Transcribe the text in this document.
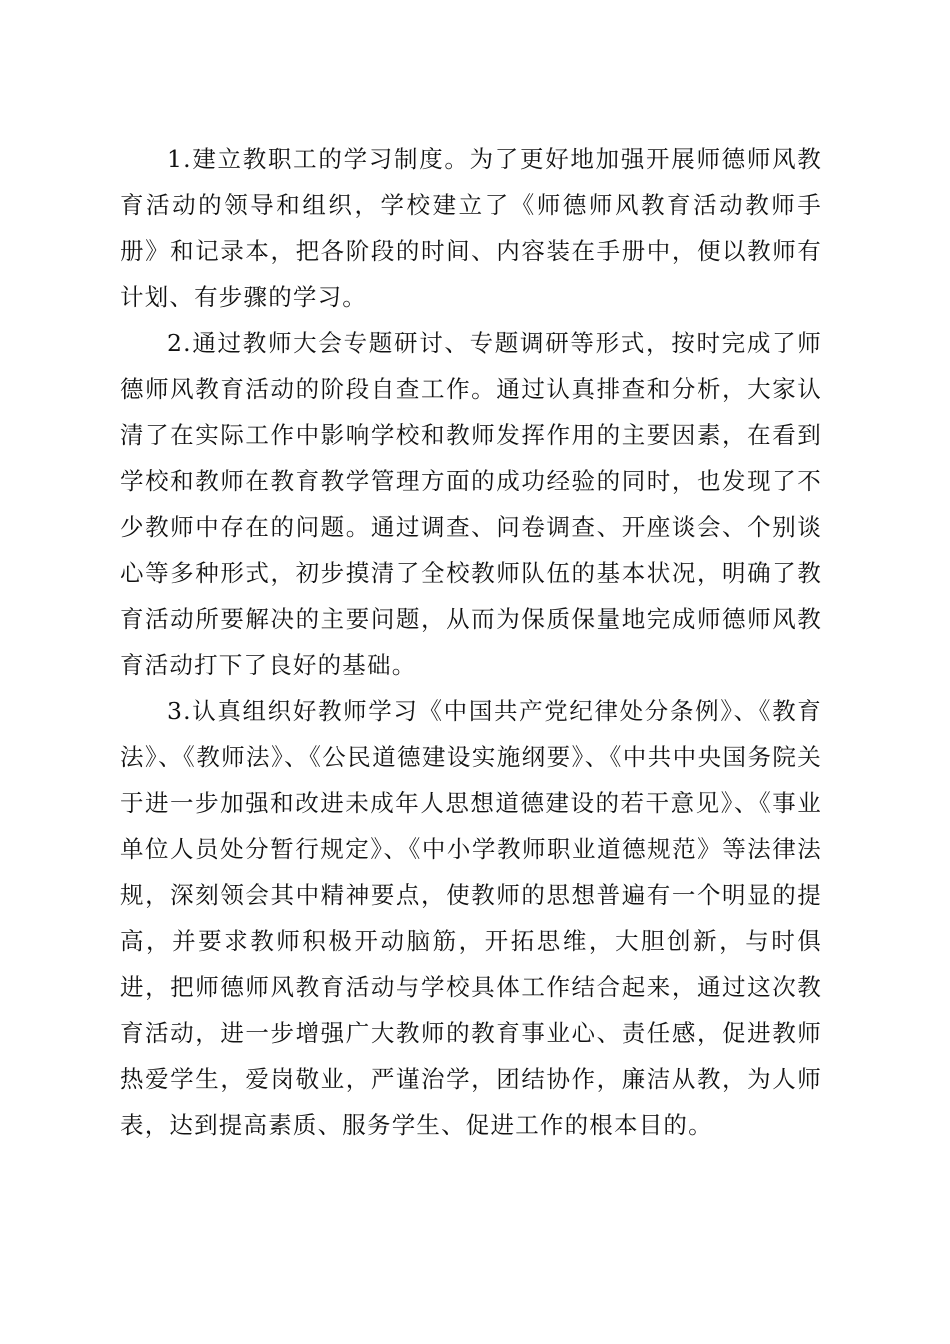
1.建立教职工的学习制度。为了更好地加强开展师德师风教育活动的领导和组织，学校建立了《师德师风教育活动教师手册》和记录本，把各阶段的时间、内容装在手册中，便以教师有计划、有步骤的学习。

2.通过教师大会专题研讨、专题调研等形式，按时完成了师德师风教育活动的阶段自查工作。通过认真排查和分析，大家认清了在实际工作中影响学校和教师发挥作用的主要因素，在看到学校和教师在教育教学管理方面的成功经验的同时，也发现了不少教师中存在的问题。通过调查、问卷调查、开座谈会、个别谈心等多种形式，初步摸清了全校教师队伍的基本状况，明确了教育活动所要解决的主要问题，从而为保质保量地完成师德师风教育活动打下了良好的基础。

3.认真组织好教师学习《中国共产党纪律处分条例》、《教育法》、《教师法》、《公民道德建设实施纲要》、《中共中央国务院关于进一步加强和改进未成年人思想道德建设的若干意见》、《事业单位人员处分暂行规定》、《中小学教师职业道德规范》等法律法规，深刻领会其中精神要点，使教师的思想普遍有一个明显的提高，并要求教师积极开动脑筋，开拓思维，大胆创新，与时俱进，把师德师风教育活动与学校具体工作结合起来，通过这次教育活动，进一步增强广大教师的教育事业心、责任感，促进教师热爱学生，爱岗敬业，严谨治学，团结协作，廉洁从教，为人师表，达到提高素质、服务学生、促进工作的根本目的。
